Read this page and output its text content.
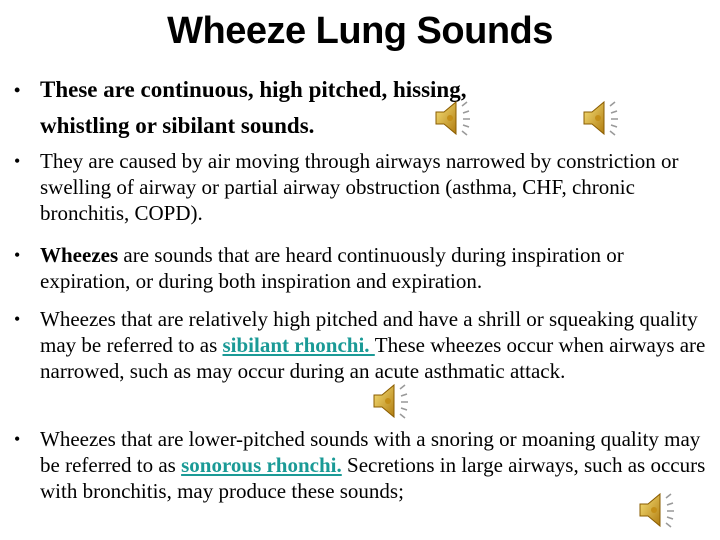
Wheeze Lung Sounds
• These are continuous, high pitched, hissing,
whistling or sibilant sounds.
• They are caused by air moving through airways narrowed by constriction or swelling of airway or partial airway obstruction (asthma, CHF, chronic bronchitis, COPD).
• Wheezes are sounds that are heard continuously during inspiration or expiration, or during both inspiration and expiration.
• Wheezes that are relatively high pitched and have a shrill or squeaking quality may be referred to as sibilant rhonchi. These wheezes occur when airways are narrowed, such as may occur during an acute asthmatic attack.
• Wheezes that are lower-pitched sounds with a snoring or moaning quality may be referred to as sonorous rhonchi. Secretions in large airways, such as occurs with bronchitis, may produce these sounds;
